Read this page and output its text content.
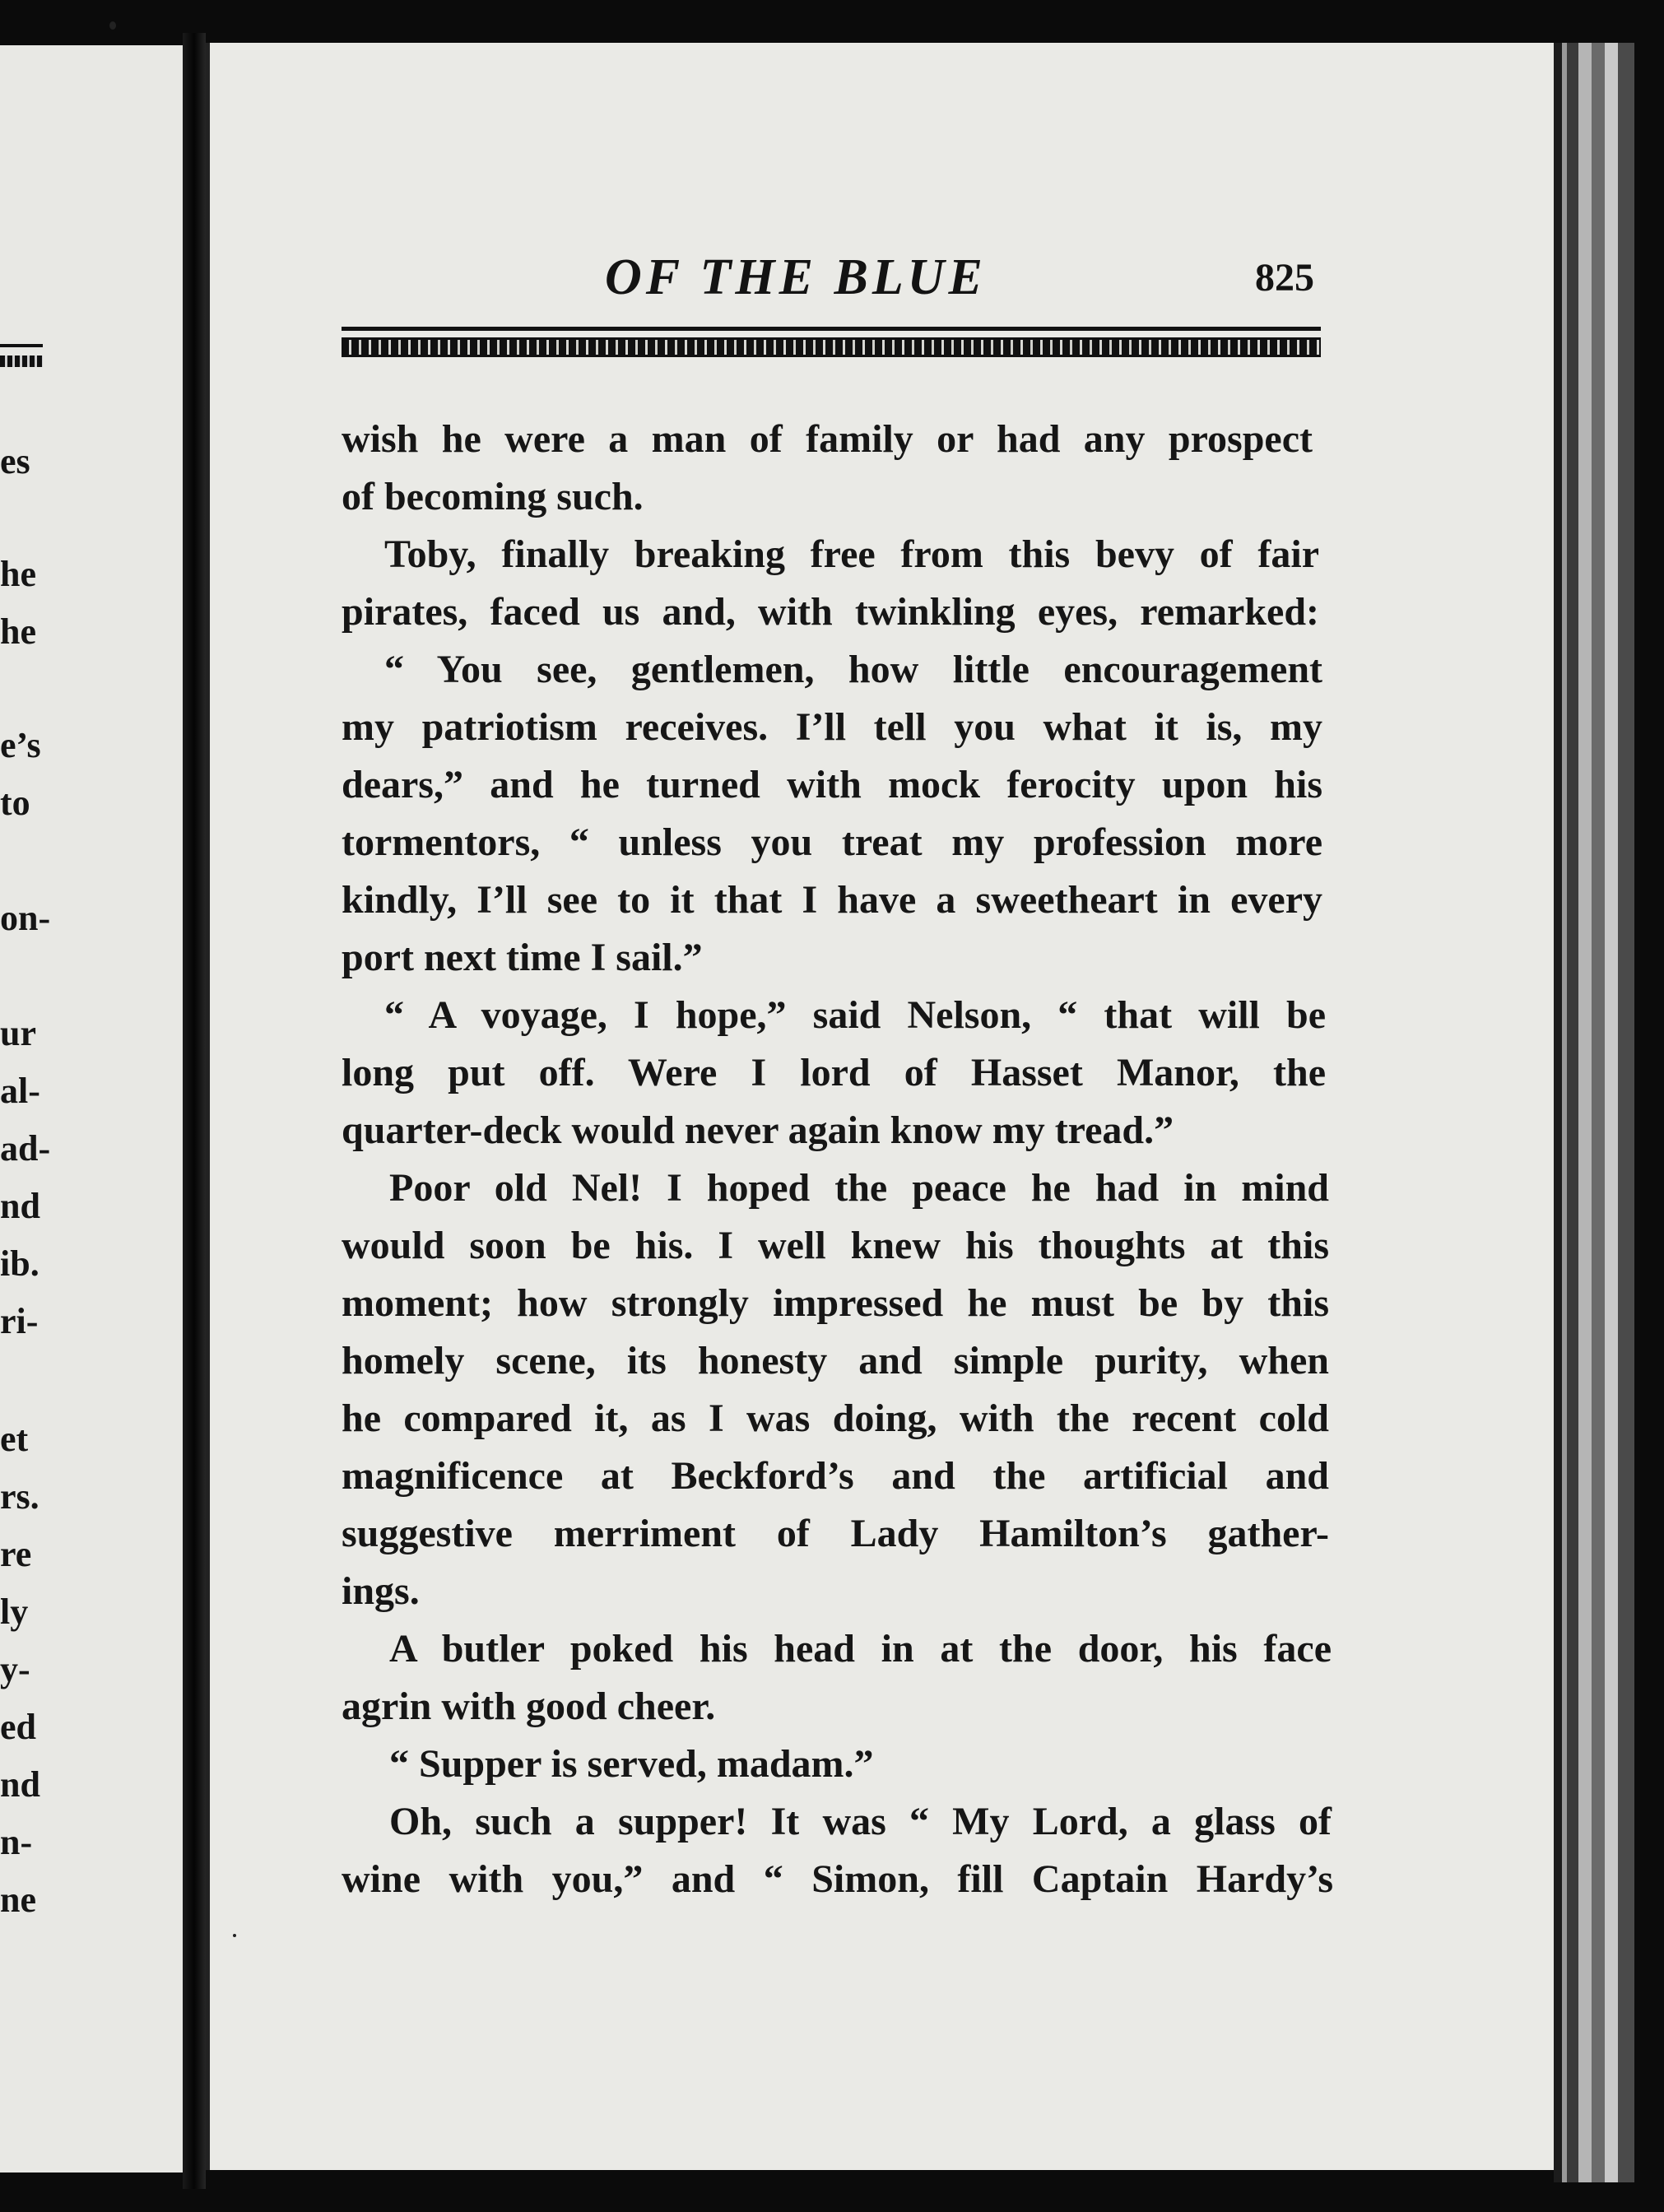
es
he
he
e’s
to
on-
ur
al-
ad-
nd
ib.
ri-
et
rs.
re
ly
y-
ed
nd
n-
ne
OF THE BLUE	825
wish he were a man of family or had any prospect
of becoming such.
Toby, finally breaking free from this bevy of fair
pirates, faced us and, with twinkling eyes, remarked:
“ You see, gentlemen, how little encouragement
my patriotism receives. I’ll tell you what it is, my
dears,” and he turned with mock ferocity upon his
tormentors, “ unless you treat my profession more
kindly, I’ll see to it that I have a sweetheart in every
port next time I sail.”
“ A voyage, I hope,” said Nelson, “ that will be
long put off. Were I lord of Hasset Manor, the
quarter-deck would never again know my tread.”
Poor old Nel! I hoped the peace he had in mind
would soon be his. I well knew his thoughts at this
moment; how strongly impressed he must be by this
homely scene, its honesty and simple purity, when
he compared it, as I was doing, with the recent cold
magnificence at Beckford’s and the artificial and
suggestive merriment of Lady Hamilton’s gather-
ings.
A butler poked his head in at the door, his face
agrin with good cheer.
“ Supper is served, madam.”
Oh, such a supper! It was “ My Lord, a glass of
wine with you,” and “ Simon, fill Captain Hardy’s
